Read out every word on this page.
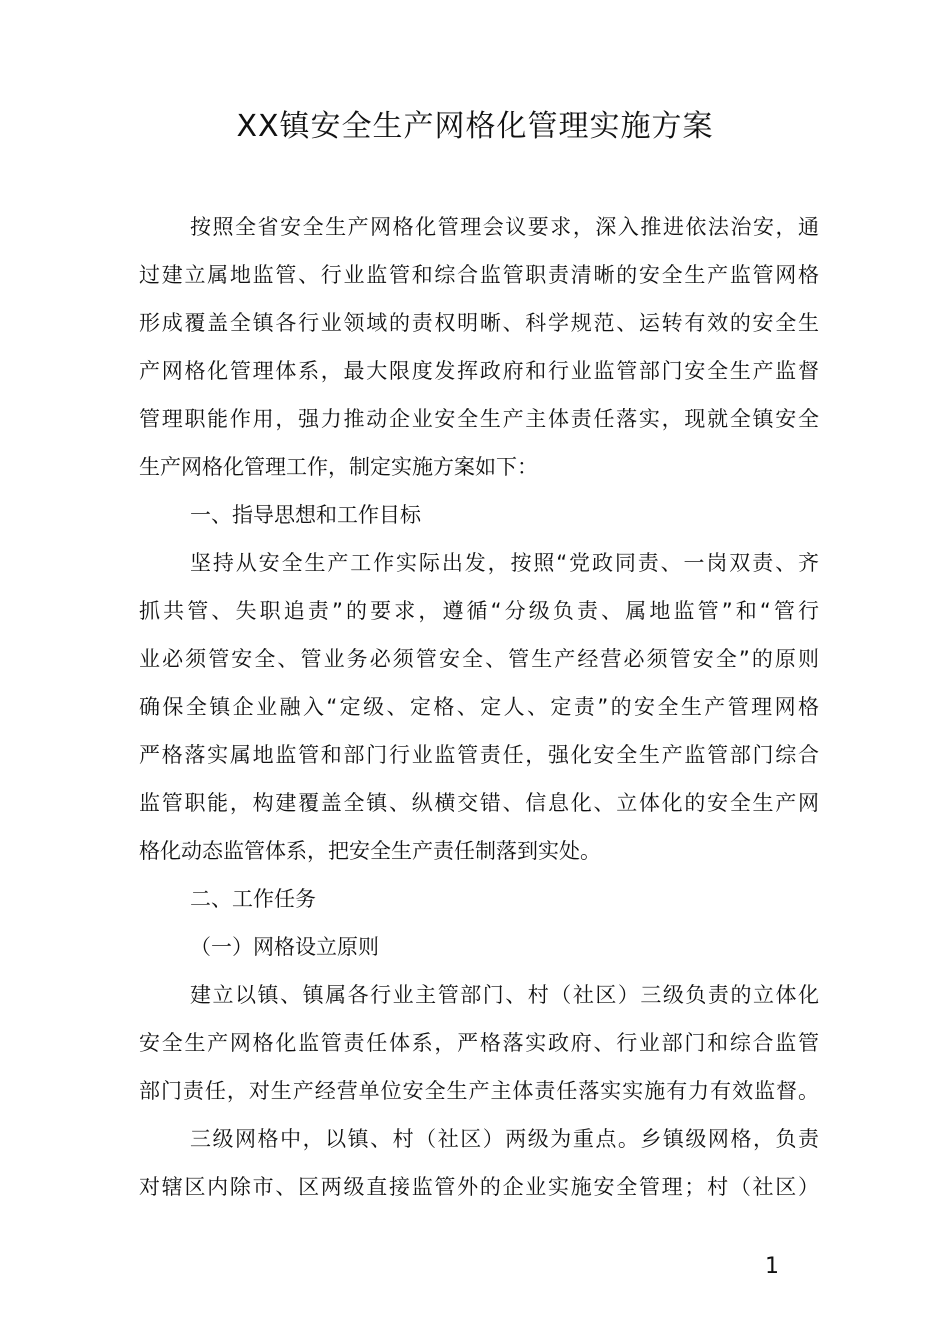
XX镇安全生产网格化管理实施方案
按照全省安全生产网格化管理会议要求，深入推进依法治安，通
过建立属地监管、行业监管和综合监管职责清晰的安全生产监管网格
形成覆盖全镇各行业领域的责权明晰、科学规范、运转有效的安全生
产网格化管理体系，最大限度发挥政府和行业监管部门安全生产监督
管理职能作用，强力推动企业安全生产主体责任落实，现就全镇安全
生产网格化管理工作，制定实施方案如下：
一、指导思想和工作目标
坚持从安全生产工作实际出发，按照“党政同责、一岗双责、齐
抓共管、失职追责”的要求，遵循“分级负责、属地监管”和“管行
业必须管安全、管业务必须管安全、管生产经营必须管安全”的原则
确保全镇企业融入“定级、定格、定人、定责”的安全生产管理网格
严格落实属地监管和部门行业监管责任，强化安全生产监管部门综合
监管职能，构建覆盖全镇、纵横交错、信息化、立体化的安全生产网
格化动态监管体系，把安全生产责任制落到实处。
二、工作任务
（一）网格设立原则
建立以镇、镇属各行业主管部门、村（社区）三级负责的立体化
安全生产网格化监管责任体系，严格落实政府、行业部门和综合监管
部门责任，对生产经营单位安全生产主体责任落实实施有力有效监督。
三级网格中，以镇、村（社区）两级为重点。乡镇级网格，负责
对辖区内除市、区两级直接监管外的企业实施安全管理；村（社区）
1
